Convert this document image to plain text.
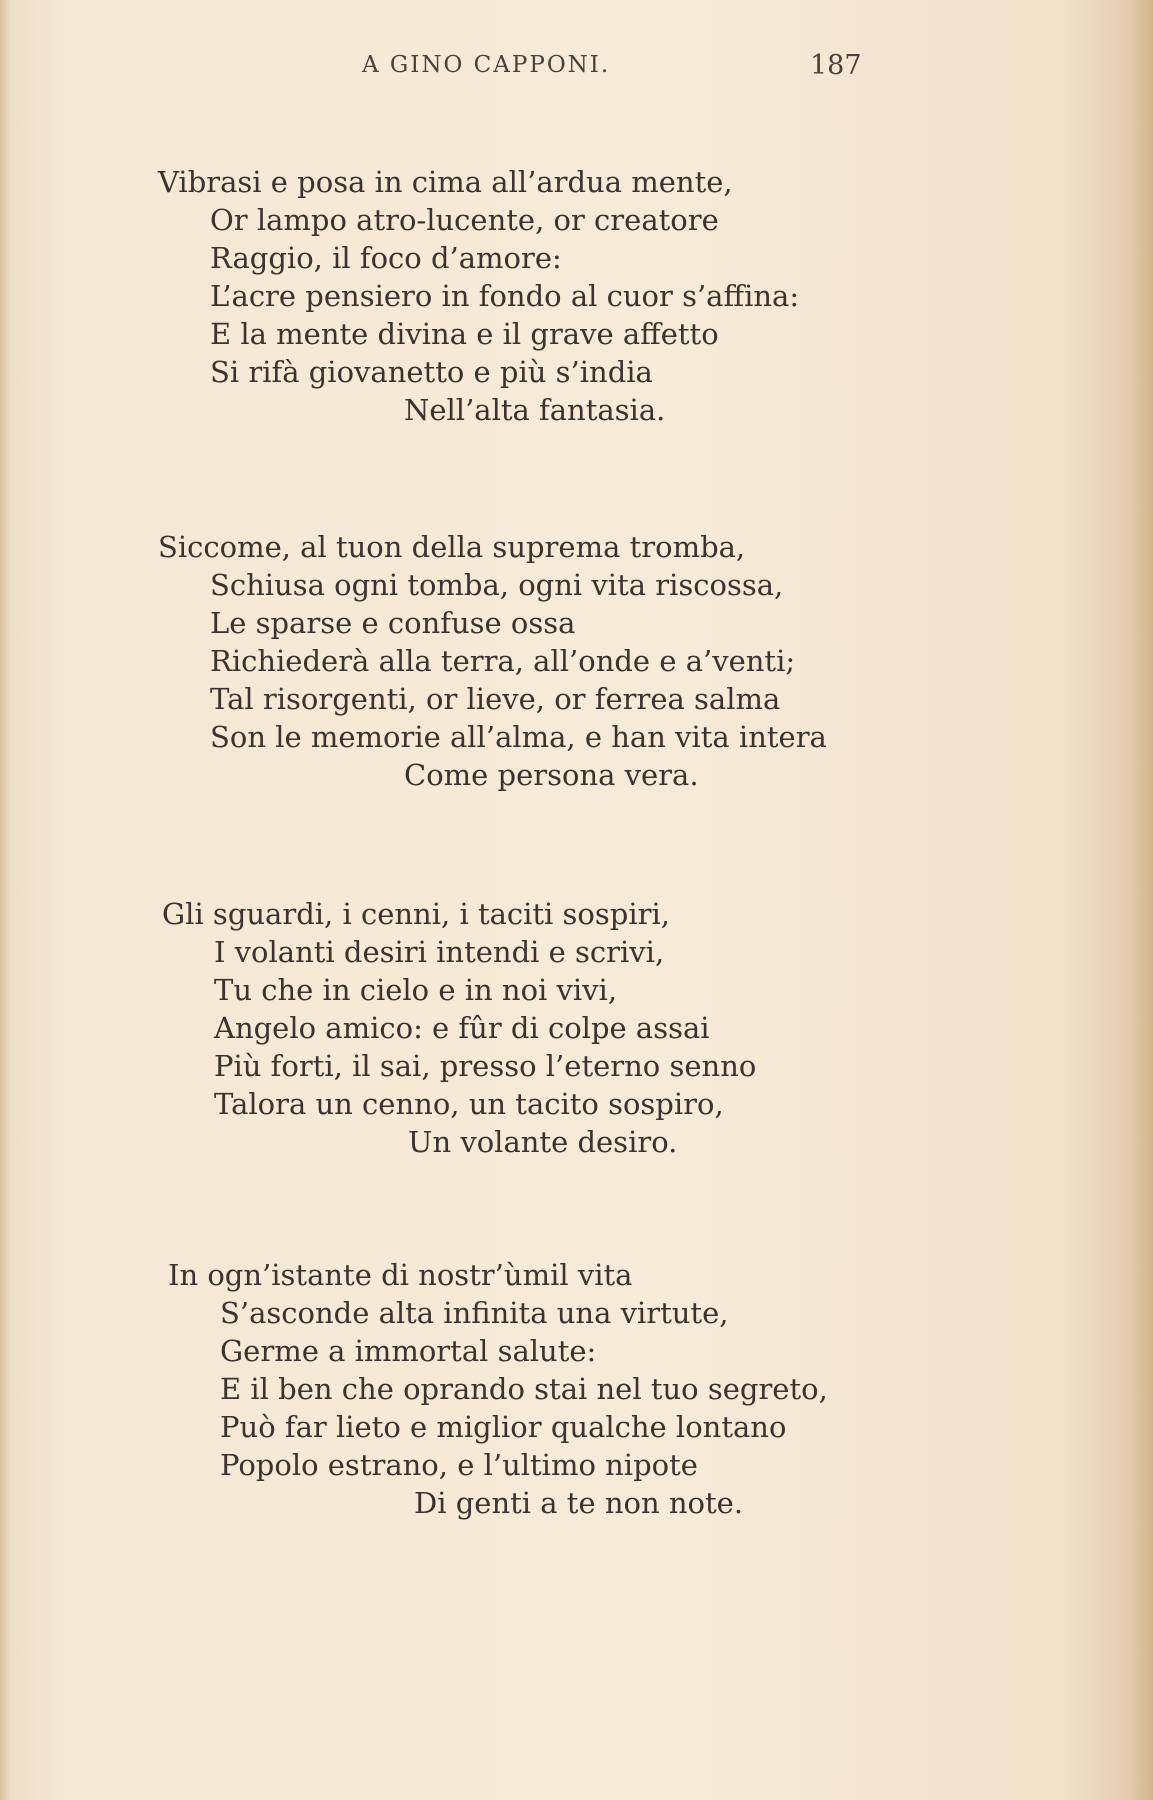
A GINO CAPPONI.	187
Vibrasi e posa in cima all’ardua mente,
Or lampo atro-lucente, or creatore
Raggio, il foco d’amore:
L’acre pensiero in fondo al cuor s’affina:
E la mente divina e il grave affetto
Si rifà giovanetto e più s’india
Nell’alta fantasia.
Siccome, al tuon della suprema tromba,
Schiusa ogni tomba, ogni vita riscossa,
Le sparse e confuse ossa
Richiederà alla terra, all’onde e a’venti;
Tal risorgenti, or lieve, or ferrea salma
Son le memorie all’alma, e han vita intera
Come persona vera.
Gli sguardi, i cenni, i taciti sospiri,
I volanti desiri intendi e scrivi,
Tu che in cielo e in noi vivi,
Angelo amico: e fûr di colpe assai
Più forti, il sai, presso l’eterno senno
Talora un cenno, un tacito sospiro,
Un volante desiro.
In ogn’istante di nostr’ùmil vita
S’asconde alta infinita una virtute,
Germe a immortal salute:
E il ben che oprando stai nel tuo segreto,
Può far lieto e miglior qualche lontano
Popolo estrano, e l’ultimo nipote
Di genti a te non note.
